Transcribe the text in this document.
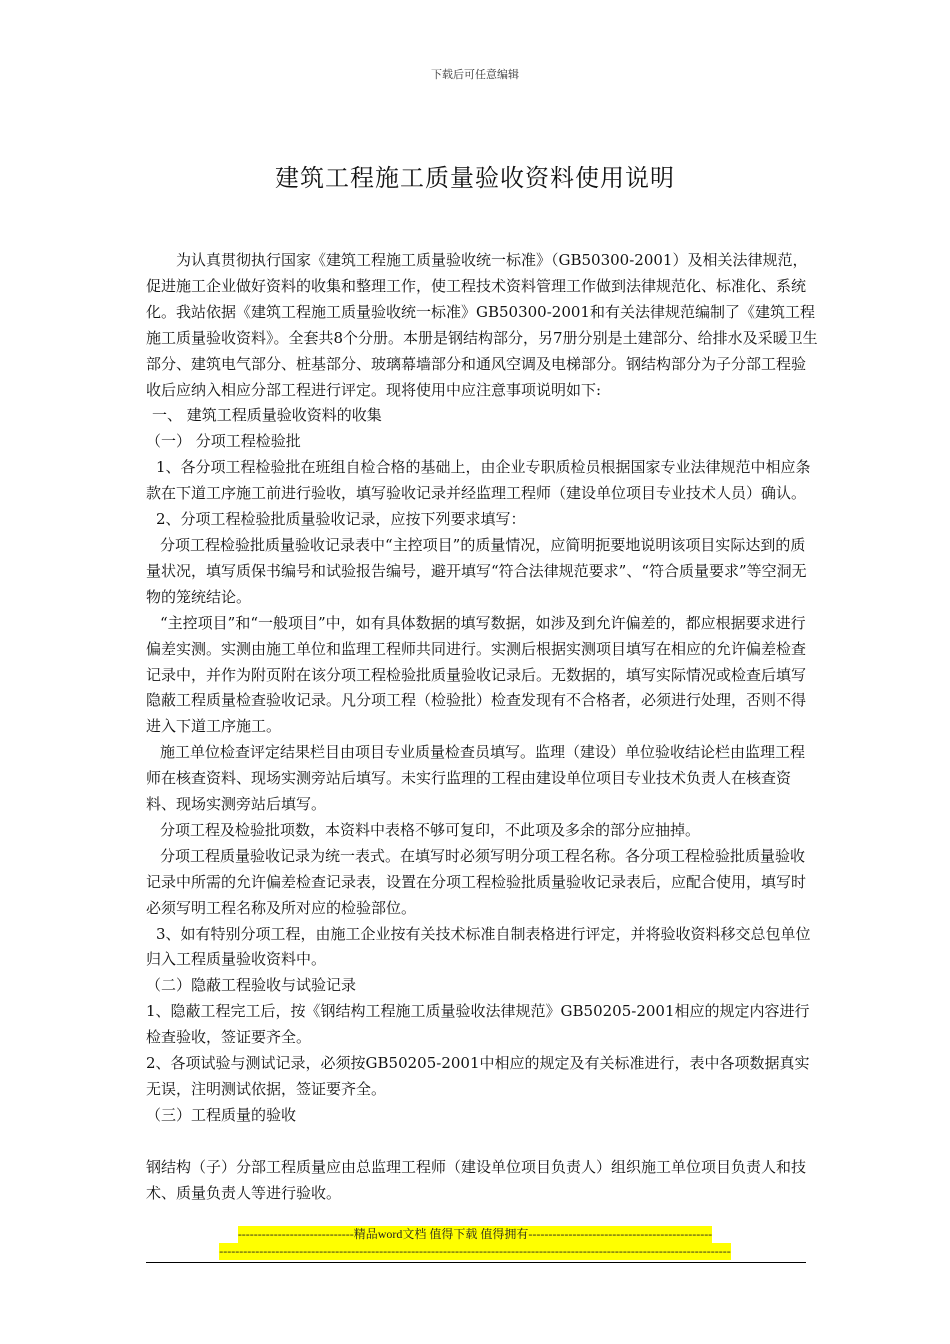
下载后可任意编辑
建筑工程施工质量验收资料使用说明

为认真贯彻执行国家《建筑工程施工质量验收统一标准》（GB50300-2001）及相关法律规范，促进施工企业做好资料的收集和整理工作，使工程技术资料管理工作做到法律规范化、标准化、系统化。我站依据《建筑工程施工质量验收统一标准》GB50300-2001和有关法律规范编制了《建筑工程施工质量验收资料》。全套共8个分册。本册是钢结构部分，另7册分别是土建部分、给排水及采暖卫生部分、建筑电气部分、桩基部分、玻璃幕墙部分和通风空调及电梯部分。钢结构部分为子分部工程验收后应纳入相应分部工程进行评定。现将使用中应注意事项说明如下:

一、 建筑工程质量验收资料的收集

（一） 分项工程检验批

1、各分项工程检验批在班组自检合格的基础上，由企业专职质检员根据国家专业法律规范中相应条款在下道工序施工前进行验收，填写验收记录并经监理工程师（建设单位项目专业技术人员）确认。

2、分项工程检验批质量验收记录，应按下列要求填写：

分项工程检验批质量验收记录表中“主控项目”的质量情况，应简明扼要地说明该项目实际达到的质量状况，填写质保书编号和试验报告编号，避开填写“符合法律规范要求”、“符合质量要求”等空洞无物的笼统结论。

“主控项目”和“一般项目”中，如有具体数据的填写数据，如涉及到允许偏差的，都应根据要求进行偏差实测。实测由施工单位和监理工程师共同进行。实测后根据实测项目填写在相应的允许偏差检查记录中，并作为附页附在该分项工程检验批质量验收记录后。无数据的，填写实际情况或检查后填写隐蔽工程质量检查验收记录。凡分项工程（检验批）检查发现有不合格者，必须进行处理，否则不得进入下道工序施工。

施工单位检查评定结果栏目由项目专业质量检查员填写。监理（建设）单位验收结论栏由监理工程师在核查资料、现场实测旁站后填写。未实行监理的工程由建设单位项目专业技术负责人在核查资料、现场实测旁站后填写。

分项工程及检验批项数，本资料中表格不够可复印，不此项及多余的部分应抽掉。

分项工程质量验收记录为统一表式。在填写时必须写明分项工程名称。各分项工程检验批质量验收记录中所需的允许偏差检查记录表，设置在分项工程检验批质量验收记录表后，应配合使用，填写时必须写明工程名称及所对应的检验部位。

3、如有特别分项工程，由施工企业按有关技术标准自制表格进行评定，并将验收资料移交总包单位归入工程质量验收资料中。

（二）隐蔽工程验收与试验记录

1、隐蔽工程完工后，按《钢结构工程施工质量验收法律规范》GB50205-2001相应的规定内容进行检查验收，签证要齐全。

2、各项试验与测试记录，必须按GB50205-2001中相应的规定及有关标准进行，表中各项数据真实无误，注明测试依据，签证要齐全。

（三）工程质量的验收

钢结构（子）分部工程质量应由总监理工程师（建设单位项目负责人）组织施工单位项目负责人和技术、质量负责人等进行验收。

-----------------------------精品word文档 值得下载 值得拥有----------------------------------------------
--------------------------------------------------------------------------------------------------------------------------------
